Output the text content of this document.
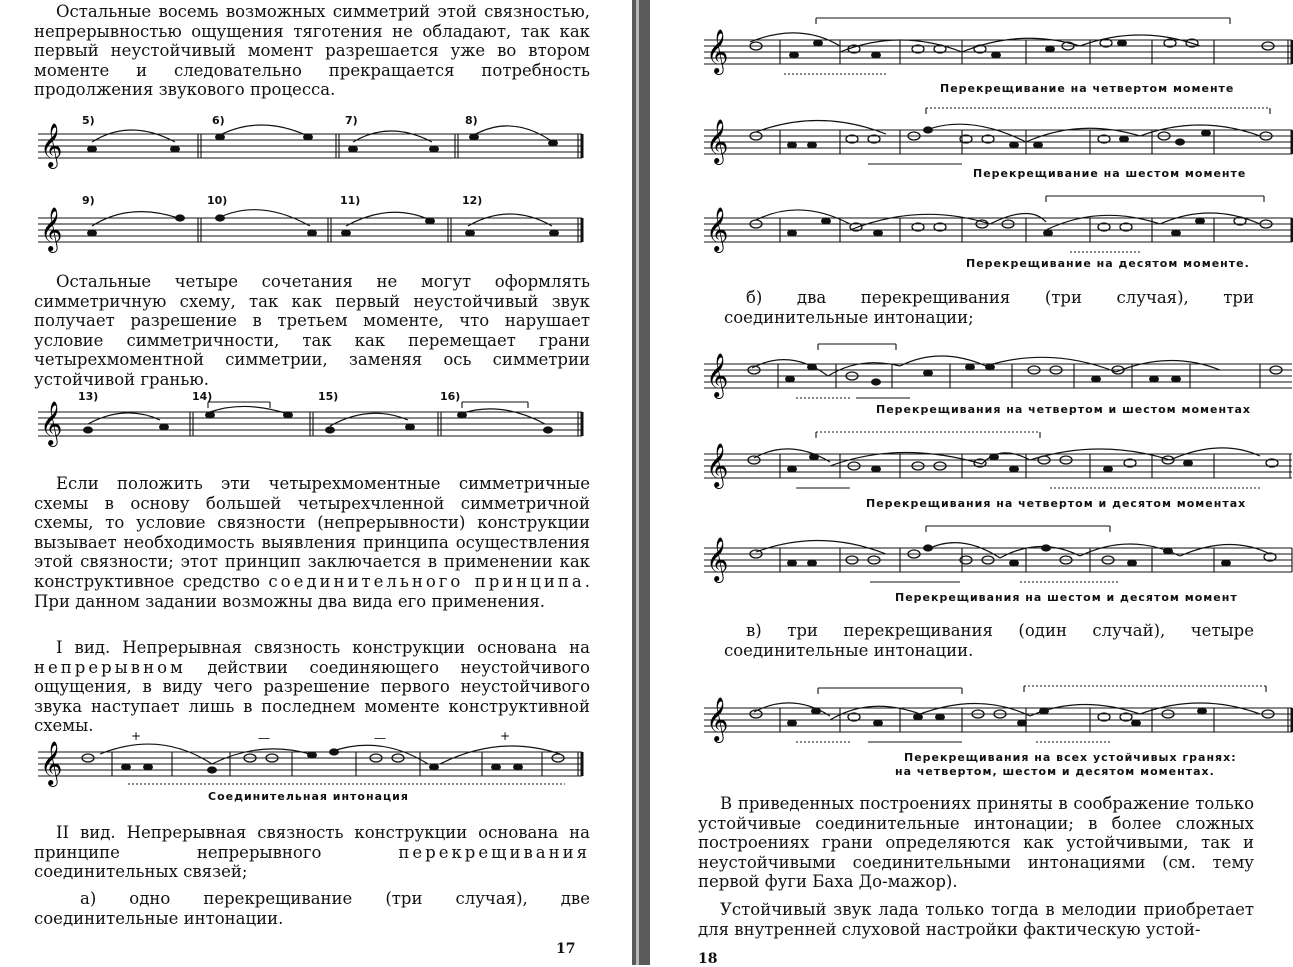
Остальные восемь возможных симметрий этой связностью, непрерывностью ощущения тяготения не обладают, так как первый неустойчивый момент разрешается уже во втором моменте и следовательно прекращается потребность продолжения звукового процесса.

𝄞
5)	6)	7)	8)
𝄞
9)	10)	11)	12)

Остальные четыре сочетания не могут оформлять симметричную схему, так как первый неустойчивый звук получает разрешение в третьем моменте, что нарушает условие симметричности, так как перемещает грани четырехмоментной симметрии, заменяя ось симметрии устойчивой гранью.

𝄞
13)	14)	15)	16)

Если положить эти четырехмоментные симметричные схемы в основу большей четырехчленной симметричной схемы, то условие связности (непрерывности) конструкции вызывает необходимость выявления принципа осуществления этой связности; этот принцип заключается в применении как конструктивное средство соединительного принципа. При данном задании возможны два вида его применения.

I вид. Непрерывная связность конструкции основана на непрерывном действии соединяющего неустойчивого ощущения, в виду чего разрешение первого неустойчивого звука наступает лишь в последнем моменте конструктивной схемы.

𝄞
+	—	—	+
Соединительная интонация

II вид. Непрерывная связность конструкции основана на принципе непрерывного перекрещивания соединительных связей;

а) одно перекрещивание (три случая), две соединительные интонации.

17
𝄞
Перекрещивание на четвертом моменте
𝄞
Перекрещивание на шестом моменте
𝄞
Перекрещивание на десятом моменте.

б) два перекрещивания (три случая), три соединительные интонации;

𝄞
Перекрещивания на четвертом и шестом моментах
𝄞
Перекрещивания на четвертом и десятом моментах
𝄞
Перекрещивания на шестом и десятом момент

в) три перекрещивания (один случай), четыре соединительные интонации.

𝄞
Перекрещивания на всех устойчивых гранях:
на четвертом, шестом и десятом моментах.

В приведенных построениях приняты в соображение только устойчивые соединительные интонации; в более сложных построениях грани определяются как устойчивыми, так и неустойчивыми соединительными интонациями (см. тему первой фуги Баха До-мажор).

Устойчивый звук лада только тогда в мелодии приобретает для внутренней слуховой настройки фактическую устой-

18
